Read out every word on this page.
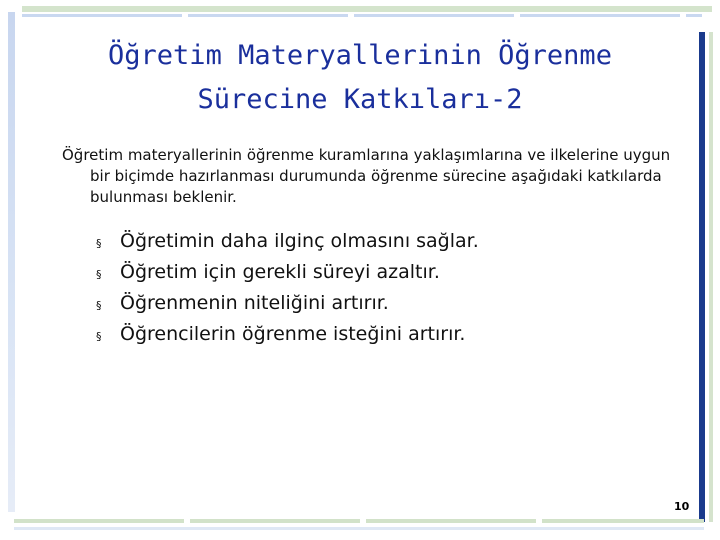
Öğretim Materyallerinin Öğrenme
Sürecine Katkıları-2

Öğretim materyallerinin öğrenme kuramlarına yaklaşımlarına ve ilkelerine uygun bir biçimde hazırlanması durumunda öğrenme sürecine aşağıdaki katkılarda bulunması beklenir.

§ Öğretimin daha ilginç olmasını sağlar.
§ Öğretim için gerekli süreyi azaltır.
§ Öğrenmenin niteliğini artırır.
§ Öğrencilerin öğrenme isteğini artırır.
10
